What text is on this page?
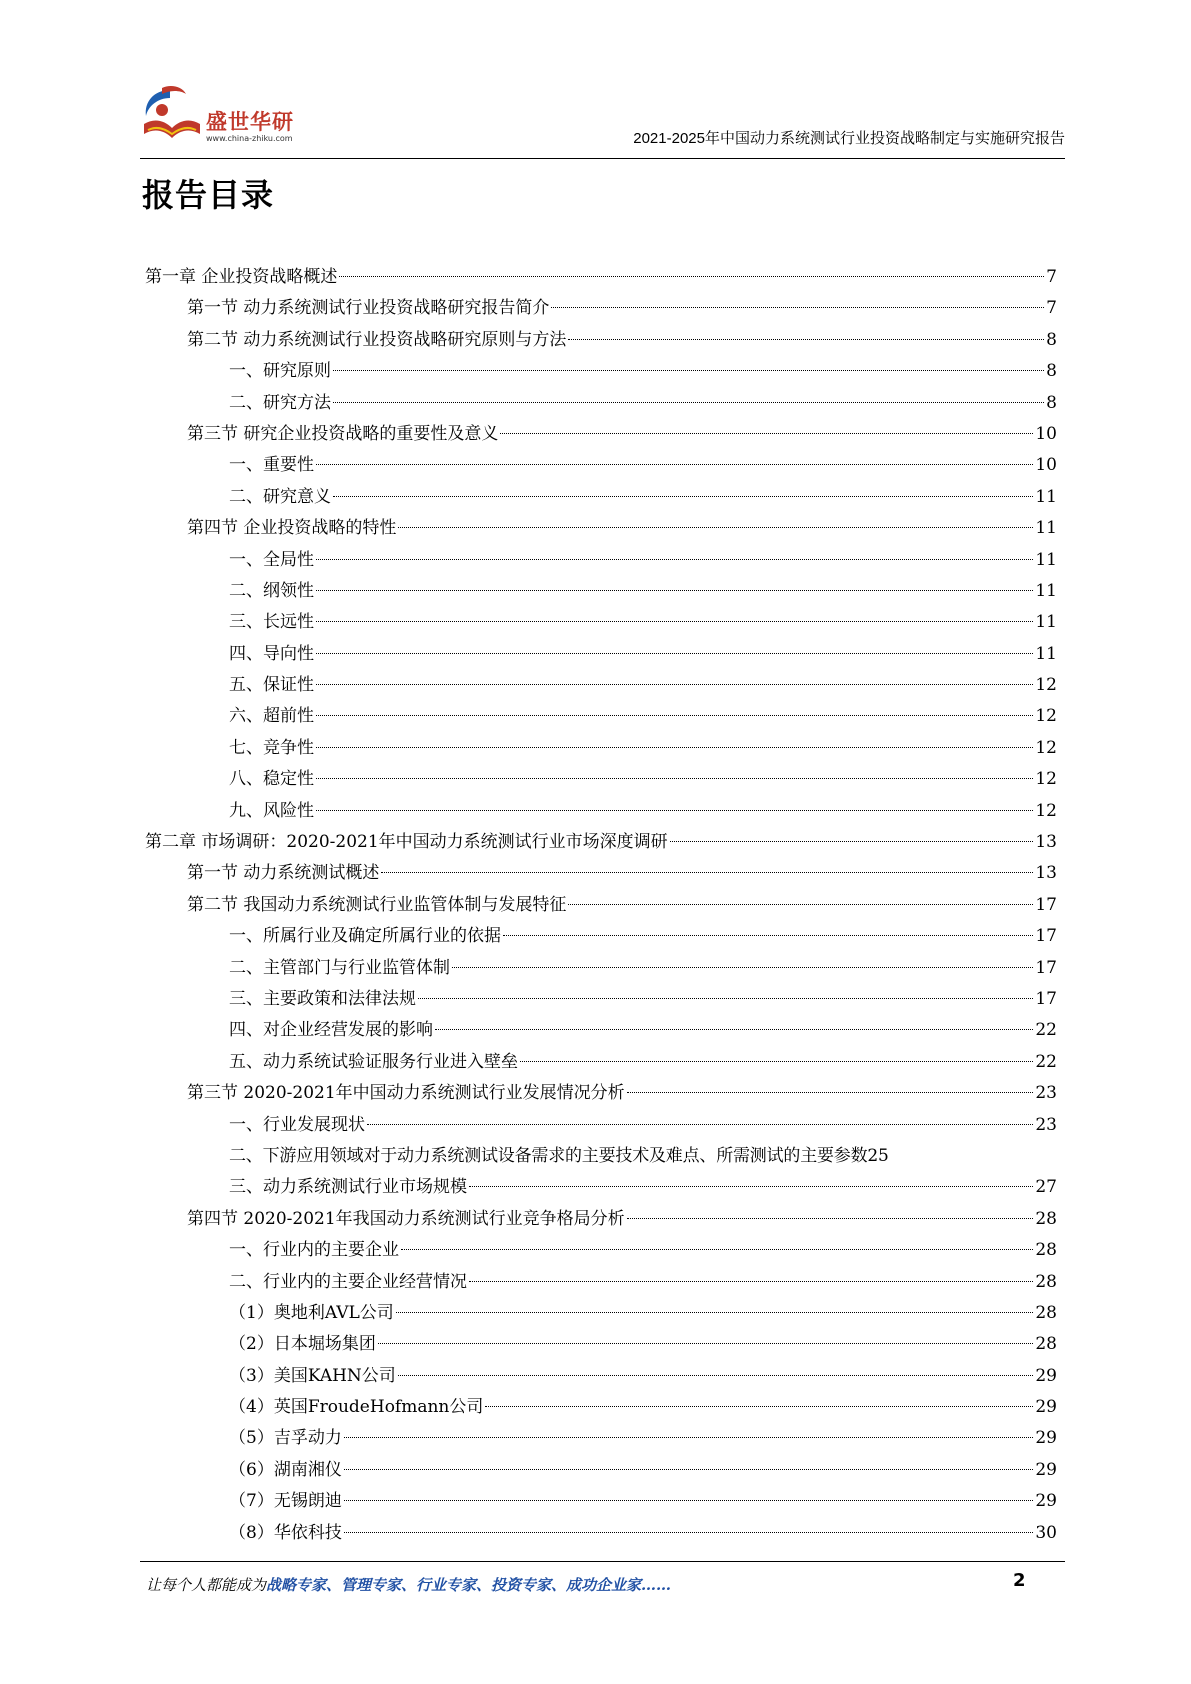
盛世华研
www.china-zhiku.com	2021-2025年中国动力系统测试行业投资战略制定与实施研究报告
报告目录
第一章 企业投资战略概述	7
第一节 动力系统测试行业投资战略研究报告简介	7
第二节 动力系统测试行业投资战略研究原则与方法	8
一、研究原则	8
二、研究方法	8
第三节 研究企业投资战略的重要性及意义	10
一、重要性	10
二、研究意义	11
第四节 企业投资战略的特性	11
一、全局性	11
二、纲领性	11
三、长远性	11
四、导向性	11
五、保证性	12
六、超前性	12
七、竞争性	12
八、稳定性	12
九、风险性	12
第二章 市场调研：2020-2021年中国动力系统测试行业市场深度调研	13
第一节 动力系统测试概述	13
第二节 我国动力系统测试行业监管体制与发展特征	17
一、所属行业及确定所属行业的依据	17
二、主管部门与行业监管体制	17
三、主要政策和法律法规	17
四、对企业经营发展的影响	22
五、动力系统试验证服务行业进入壁垒	22
第三节 2020-2021年中国动力系统测试行业发展情况分析	23
一、行业发展现状	23
二、下游应用领域对于动力系统测试设备需求的主要技术及难点、所需测试的主要参数 25
三、动力系统测试行业市场规模	27
第四节 2020-2021年我国动力系统测试行业竞争格局分析	28
一、行业内的主要企业	28
二、行业内的主要企业经营情况	28
（1）奥地利AVL公司	28
（2）日本堀场集团	28
（3）美国KAHN公司	29
（4）英国FroudeHofmann公司	29
（5）吉孚动力	29
（6）湖南湘仪	29
（7）无锡朗迪	29
（8）华依科技	30
让每个人都能成为战略专家、管理专家、行业专家、投资专家、成功企业家……	2
